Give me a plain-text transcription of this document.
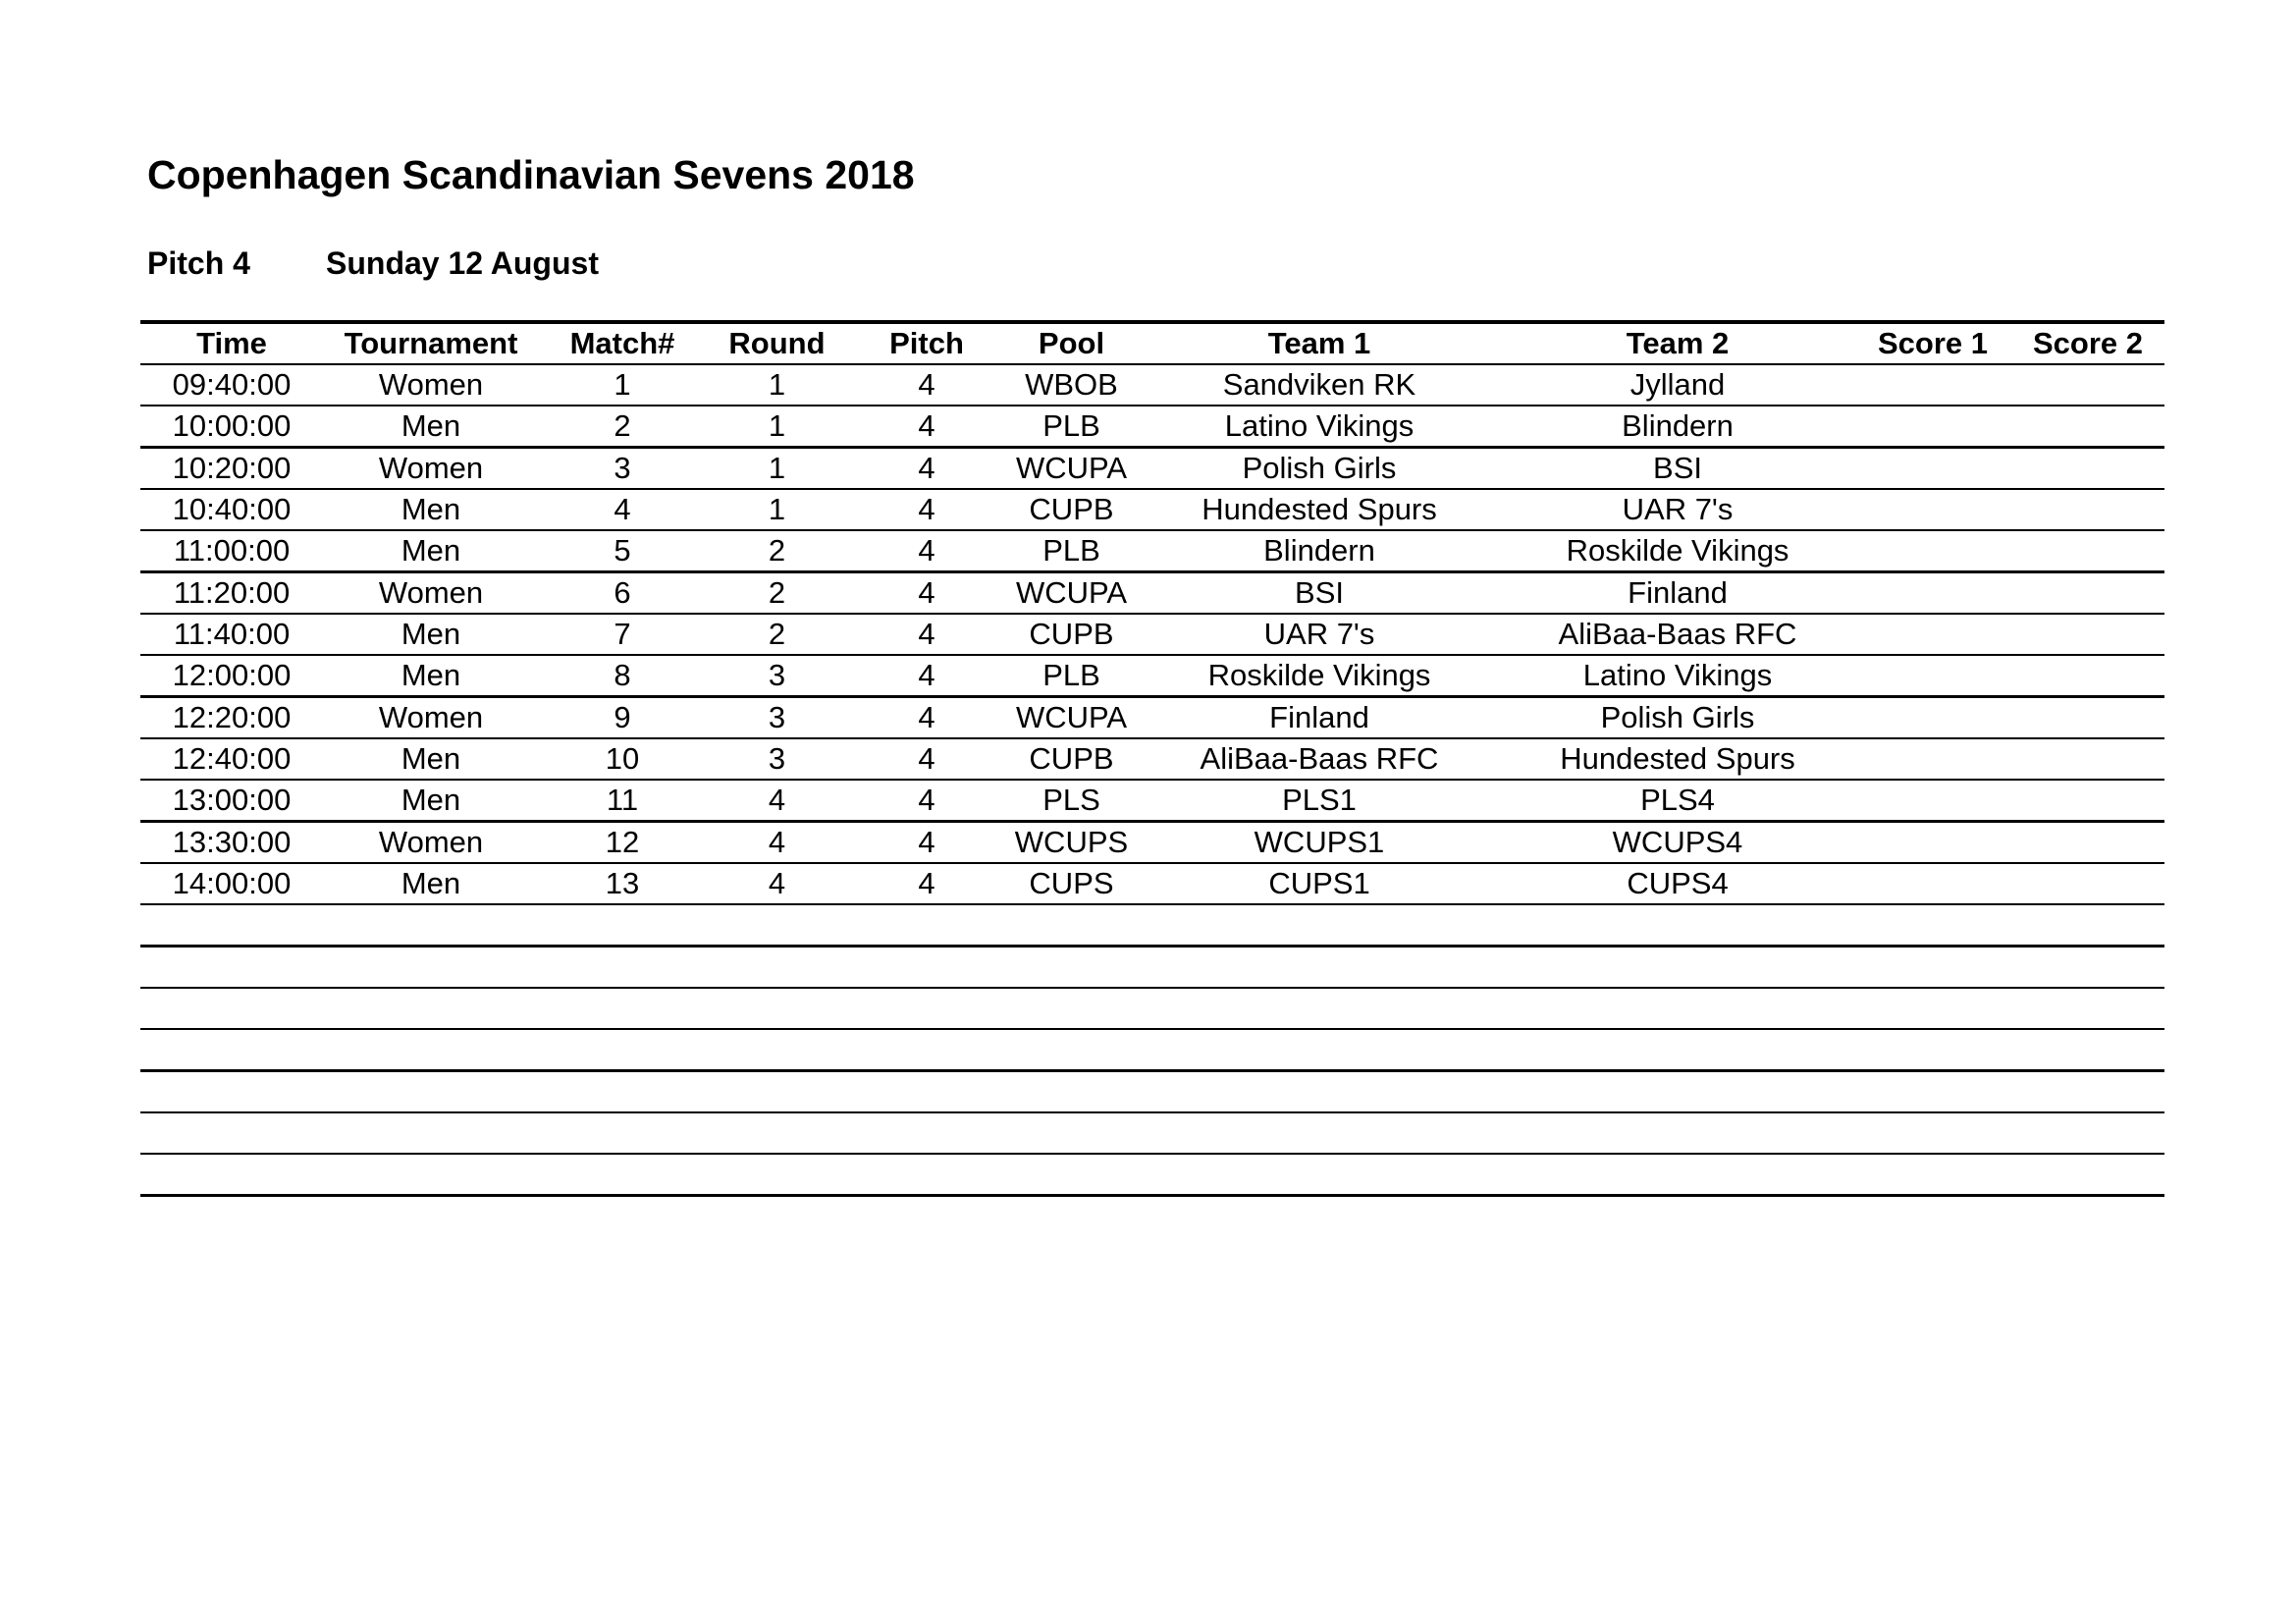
Copenhagen Scandinavian Sevens 2018
Pitch 4 Sunday 12 August
Time	Tournament	Match#	Round	Pitch	Pool	Team 1	Team 2	Score 1	Score 2
09:40:00	Women	1	1	4	WBOB	Sandviken RK	Jylland		
10:00:00	Men	2	1	4	PLB	Latino Vikings	Blindern		
10:20:00	Women	3	1	4	WCUPA	Polish Girls	BSI		
10:40:00	Men	4	1	4	CUPB	Hundested Spurs	UAR 7's		
11:00:00	Men	5	2	4	PLB	Blindern	Roskilde Vikings		
11:20:00	Women	6	2	4	WCUPA	BSI	Finland		
11:40:00	Men	7	2	4	CUPB	UAR 7's	AliBaa-Baas RFC		
12:00:00	Men	8	3	4	PLB	Roskilde Vikings	Latino Vikings		
12:20:00	Women	9	3	4	WCUPA	Finland	Polish Girls		
12:40:00	Men	10	3	4	CUPB	AliBaa-Baas RFC	Hundested Spurs		
13:00:00	Men	11	4	4	PLS	PLS1	PLS4		
13:30:00	Women	12	4	4	WCUPS	WCUPS1	WCUPS4		
14:00:00	Men	13	4	4	CUPS	CUPS1	CUPS4		
